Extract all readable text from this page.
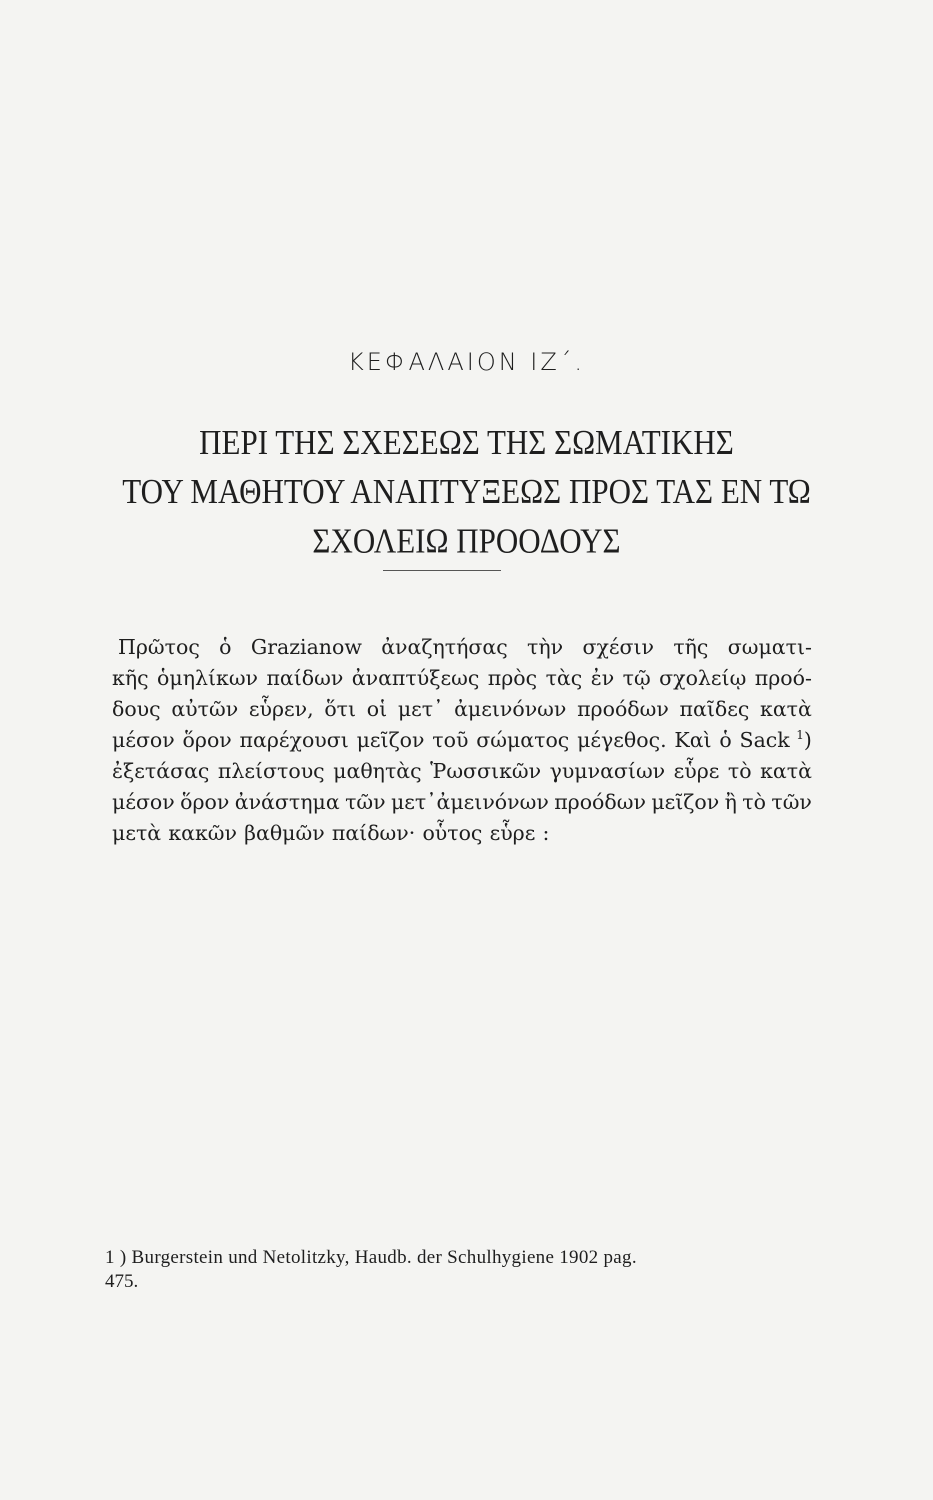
ΚΕΦΑΛΑΙΟΝ ΙΖ΄.
ΠΕΡΙ ΤΗΣ ΣΧΕΣΕΩΣ ΤΗΣ ΣΩΜΑΤΙΚΗΣ
ΤΟΥ ΜΑΘΗΤΟΥ ΑΝΑΠΤΥΞΕΩΣ ΠΡΟΣ ΤΑΣ ΕΝ ΤΩ
ΣΧΟΛΕΙΩ ΠΡΟΟΔΟΥΣ
Πρῶτος ὁ Grazianow ἀναζητήσας τὴν σχέσιν τῆς σωματι-
κῆς ὁμηλίκων παίδων ἀναπτύξεως πρὸς τὰς ἐν τῷ σχολείῳ προό-
δους αὐτῶν εὗρεν, ὅτι οἱ μετ᾽ ἀμεινόνων προόδων παῖδες κατὰ
μέσον ὅρον παρέχουσι μεῖζον τοῦ σώματος μέγεθος. Καὶ ὁ Sack $^1$)
ἐξετάσας πλείστους μαθητὰς Ῥωσσικῶν γυμνασίων εὗρε τὸ κατὰ
μέσον ὅρον ἀνάστημα τῶν μετ᾽ἀμεινόνων προόδων μεῖζον ἢ τὸ τῶν
μετὰ κακῶν βαθμῶν παίδων· οὗτος εὗρε :
1 ) Burgerstein und Netolitzky, Haudb. der Schulhygiene 1902 pag.
475.
